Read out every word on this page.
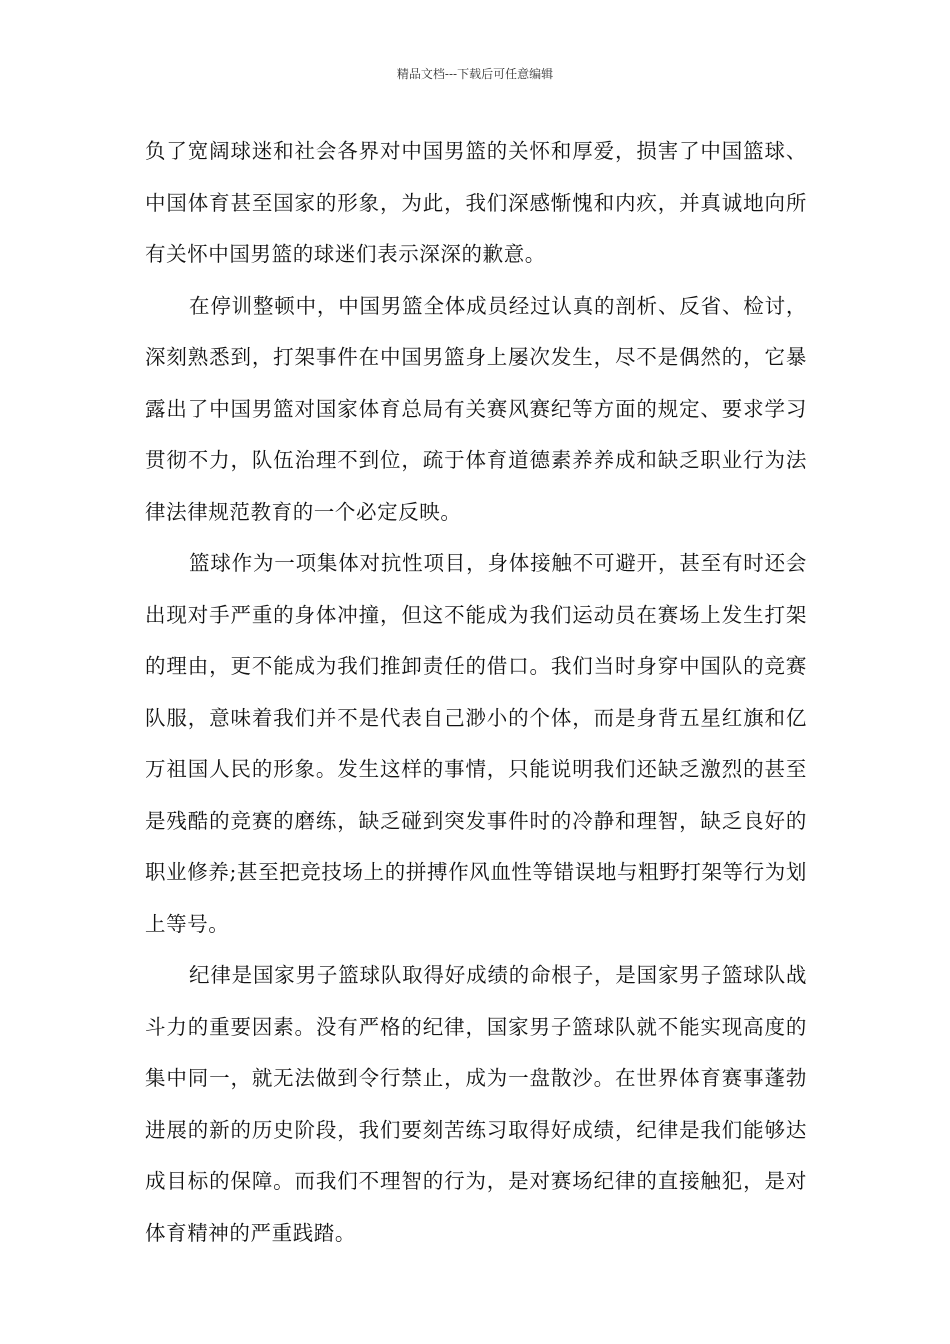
精品文档---下载后可任意编辑

负了宽阔球迷和社会各界对中国男篮的关怀和厚爱，损害了中国篮球、中国体育甚至国家的形象，为此，我们深感惭愧和内疚，并真诚地向所有关怀中国男篮的球迷们表示深深的歉意。

在停训整顿中，中国男篮全体成员经过认真的剖析、反省、检讨，深刻熟悉到，打架事件在中国男篮身上屡次发生，尽不是偶然的，它暴露出了中国男篮对国家体育总局有关赛风赛纪等方面的规定、要求学习贯彻不力，队伍治理不到位，疏于体育道德素养养成和缺乏职业行为法律法律规范教育的一个必定反映。

篮球作为一项集体对抗性项目，身体接触不可避开，甚至有时还会出现对手严重的身体冲撞，但这不能成为我们运动员在赛场上发生打架的理由，更不能成为我们推卸责任的借口。我们当时身穿中国队的竞赛队服，意味着我们并不是代表自己渺小的个体，而是身背五星红旗和亿万祖国人民的形象。发生这样的事情，只能说明我们还缺乏激烈的甚至是残酷的竞赛的磨练，缺乏碰到突发事件时的冷静和理智，缺乏良好的职业修养;甚至把竞技场上的拼搏作风血性等错误地与粗野打架等行为划上等号。

纪律是国家男子篮球队取得好成绩的命根子，是国家男子篮球队战斗力的重要因素。没有严格的纪律，国家男子篮球队就不能实现高度的集中同一，就无法做到令行禁止，成为一盘散沙。在世界体育赛事蓬勃进展的新的历史阶段，我们要刻苦练习取得好成绩，纪律是我们能够达成目标的保障。而我们不理智的行为，是对赛场纪律的直接触犯，是对体育精神的严重践踏。
